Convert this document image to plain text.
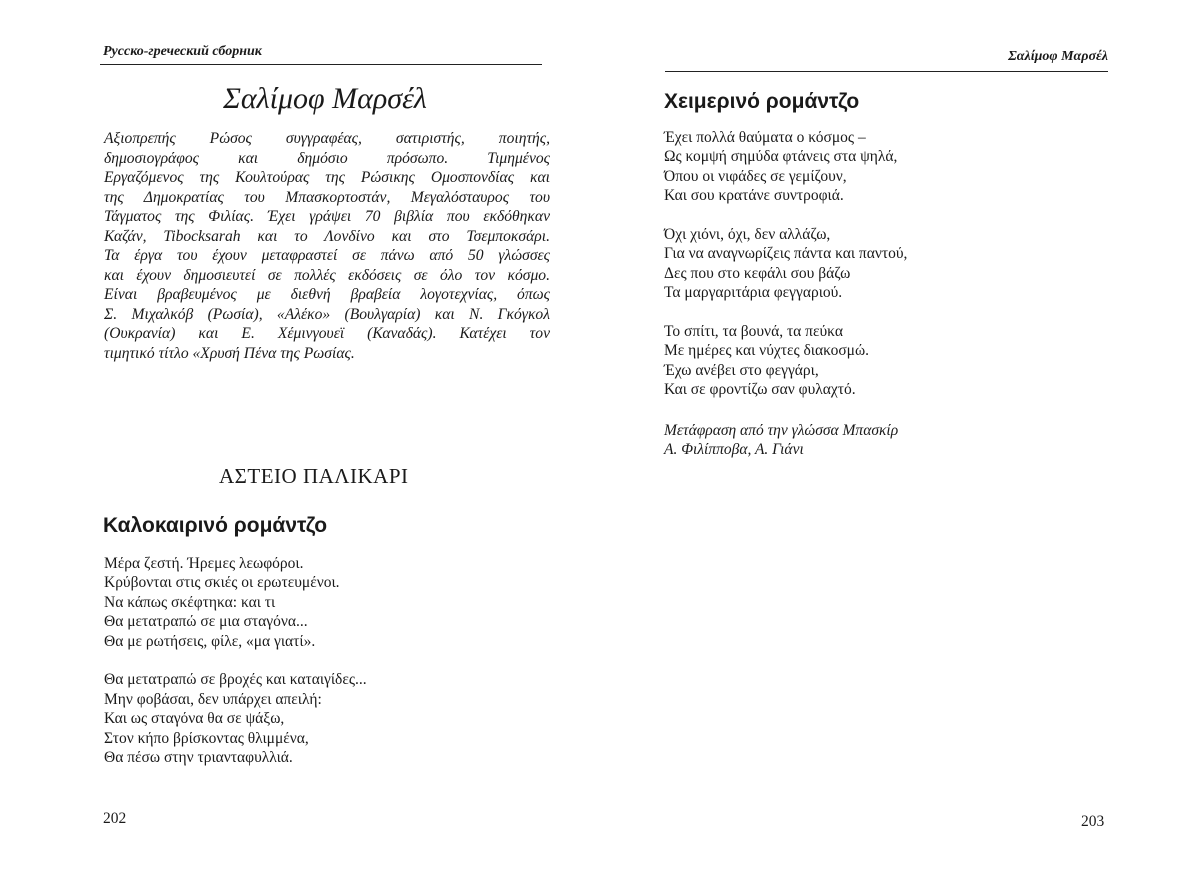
Русско-греческий сборник
Σαλίμοφ Μαρσέλ
Αξιοπρεπής Ρώσος συγγραφέας, σατιριστής, ποιητής,
δημοσιογράφος και δημόσιο πρόσωπο. Τιμημένος
Εργαζόμενος της Κουλτούρας της Ρώσικης Ομοσπονδίας και
της Δημοκρατίας του Μπασκορτοστάν, Μεγαλόσταυρος του
Τάγματος της Φιλίας. Έχει γράψει 70 βιβλία που εκδόθηκαν
Καζάν, Tibocksarah και το Λονδίνο και στο Τσεμποκσάρι.
Τα έργα του έχουν μεταφραστεί σε πάνω από 50 γλώσσες
και έχουν δημοσιευτεί σε πολλές εκδόσεις σε όλο τον κόσμο.
Είναι βραβευμένος με διεθνή βραβεία λογοτεχνίας, όπως
Σ. Μιχαλκόβ (Ρωσία), «Αλέκο» (Βουλγαρία) και Ν. Γκόγκολ
(Ουκρανία) και Ε. Χέμινγουεϊ (Καναδάς). Κατέχει τον
τιμητικό τίτλο «Χρυσή Πένα της Ρωσίας.
ΑΣΤΕΙΟ ΠΑΛΙΚΑΡΙ
Καλοκαιρινό ρομάντζο
Μέρα ζεστή. Ήρεμες λεωφόροι.
Κρύβονται στις σκιές οι ερωτευμένοι.
Να κάπως σκέφτηκα: και τι
Θα μετατραπώ σε μια σταγόνα...
Θα με ρωτήσεις, φίλε, «μα γιατί».
Θα μετατραπώ σε βροχές και καταιγίδες...
Μην φοβάσαι, δεν υπάρχει απειλή:
Και ως σταγόνα θα σε ψάξω,
Στον κήπο βρίσκοντας θλιμμένα,
Θα πέσω στην τριανταφυλλιά.
202
Σαλίμοφ Μαρσέλ
Χειμερινό ρομάντζο
Έχει πολλά θαύματα ο κόσμος –
Ως κομψή σημύδα φτάνεις στα ψηλά,
Όπου οι νιφάδες σε γεμίζουν,
Και σου κρατάνε συντροφιά.
Όχι χιόνι, όχι, δεν αλλάζω,
Για να αναγνωρίζεις πάντα και παντού,
Δες που στο κεφάλι σου βάζω
Τα μαργαριτάρια φεγγαριού.
Το σπίτι, τα βουνά, τα πεύκα
Με ημέρες και νύχτες διακοσμώ.
Έχω ανέβει στο φεγγάρι,
Και σε φροντίζω σαν φυλαχτό.
Μετάφραση από την γλώσσα Μπασκίρ
Α. Φιλίπποβα, Α. Γιάνι
203
